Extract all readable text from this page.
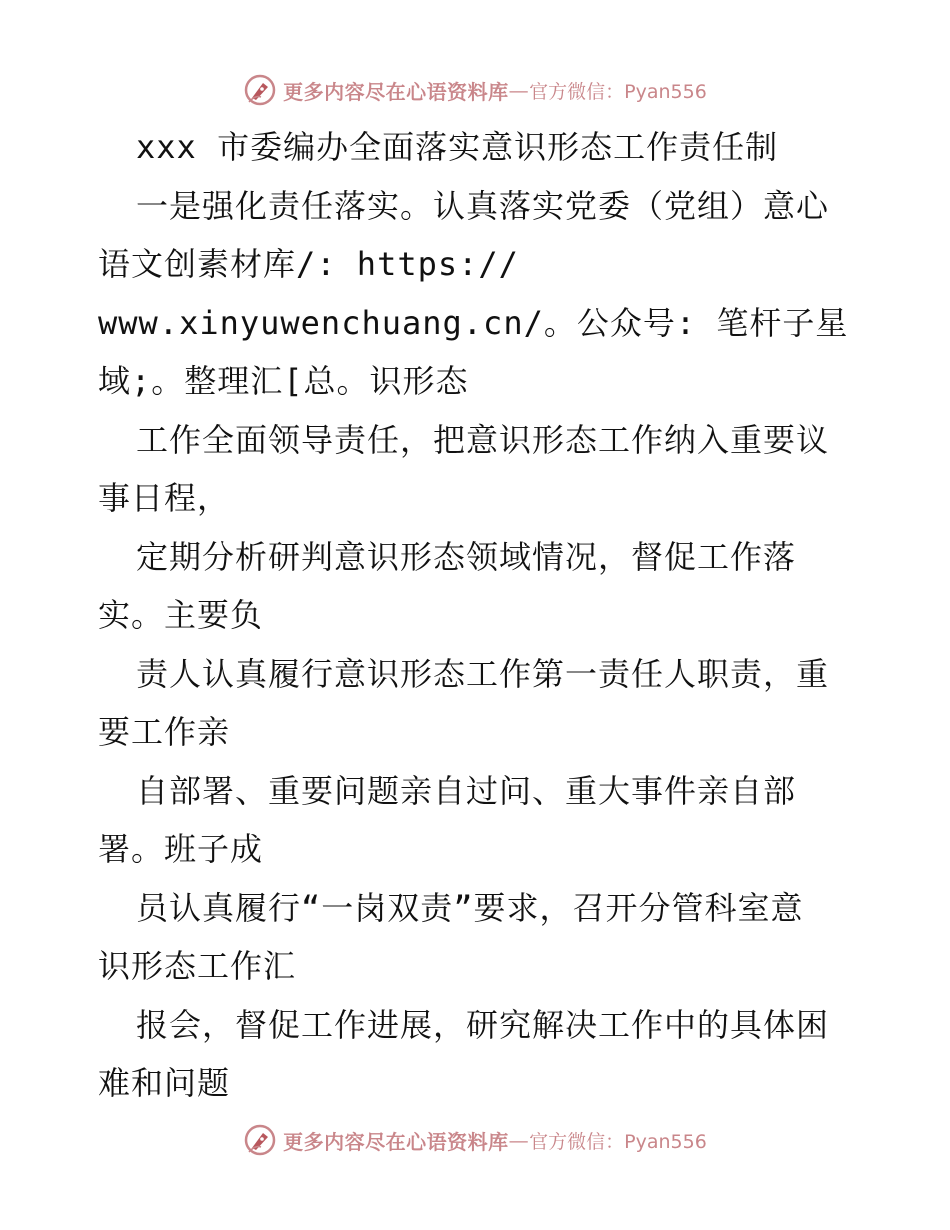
更多内容尽在心语资料库 — 官方微信：Pyan556
xxx 市委编办全面落实意识形态工作责任制
一是强化责任落实。认真落实党委（党组）意心
语文创素材库/: https://
www.xinyuwenchuang.cn/。公众号: 笔杆子星
域;。整理汇[总。识形态
工作全面领导责任，把意识形态工作纳入重要议
事日程，
定期分析研判意识形态领域情况，督促工作落
实。主要负
责人认真履行意识形态工作第一责任人职责，重
要工作亲
自部署、重要问题亲自过问、重大事件亲自部
署。班子成
员认真履行“一岗双责”要求，召开分管科室意
识形态工作汇
报会，督促工作进展，研究解决工作中的具体困
难和问题
更多内容尽在心语资料库 — 官方微信：Pyan556
